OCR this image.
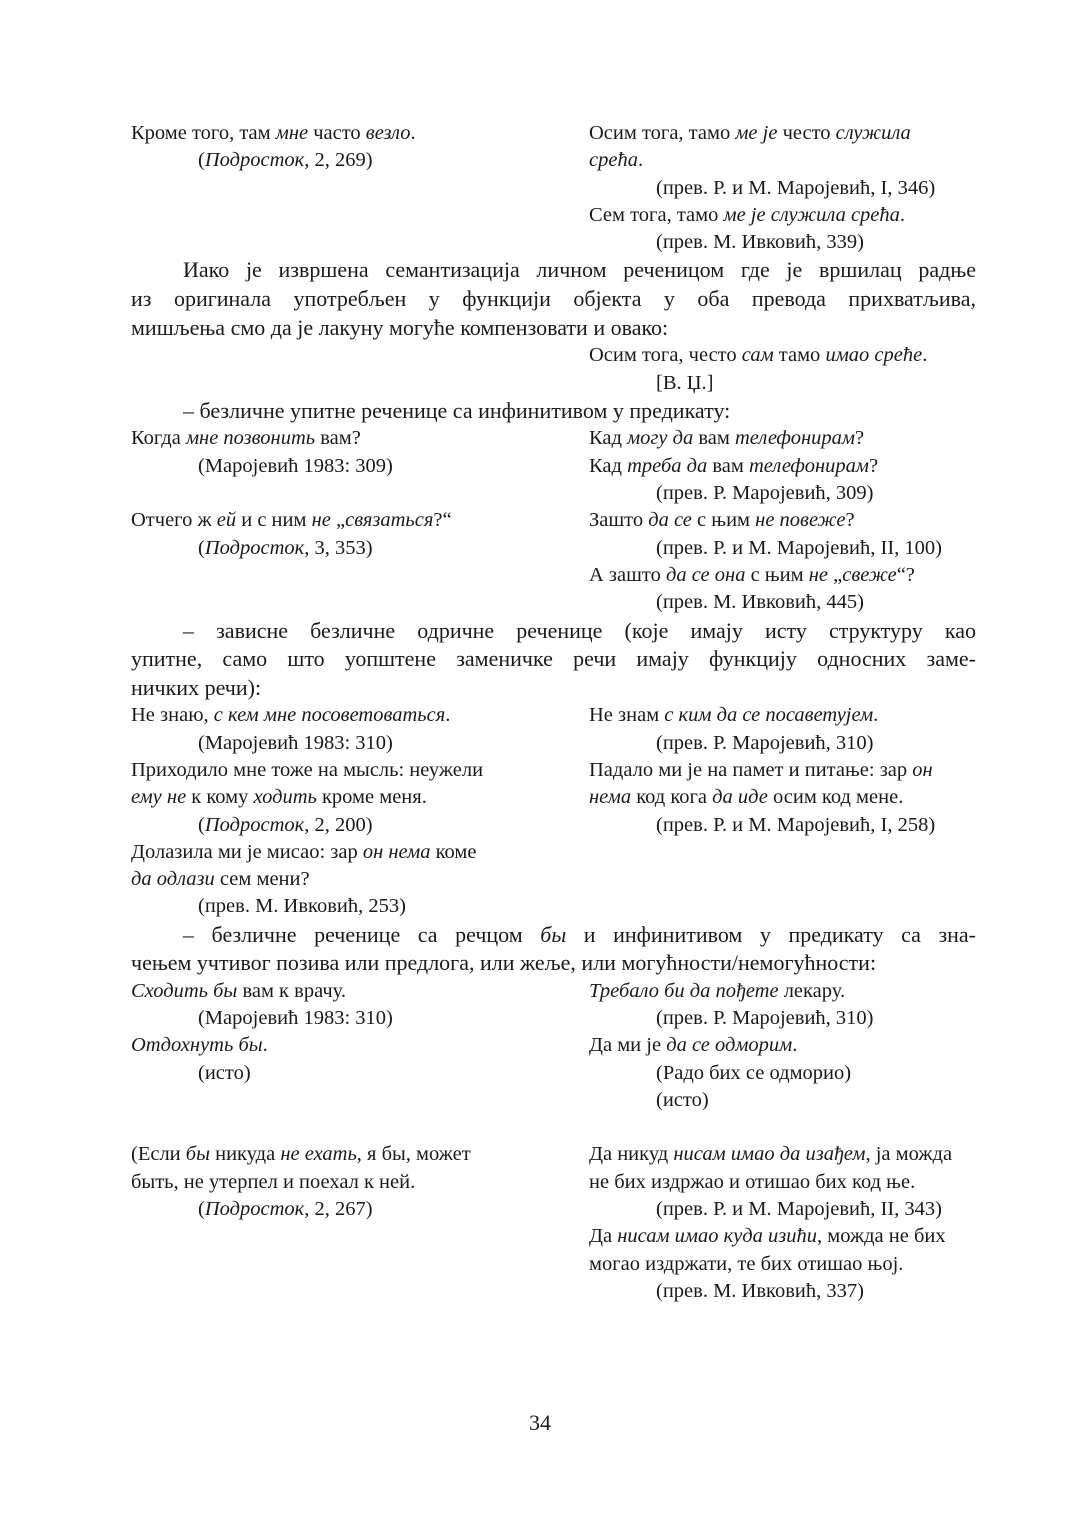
Кроме того, там мне часто везло.
(Подросток, 2, 269)
Осим тога, тамо ме је често служила
срећа.
(прев. Р. и М. Маројевић, I, 346)
Сем тога, тамо ме је служила срећа.
(прев. М. Ивковић, 339)
Иако је извршена семантизација личном реченицом где је вршилац радње
из оригинала употребљен у функцији објекта у оба превода прихватљива,
мишљења смо да је лакуну могуће компензовати и овако:
Осим тога, често сам тамо имао среће.
[В. Џ.]
– безличне упитне реченице са инфинитивом у предикату:
Когда мне позвонить вам?
(Маројевић 1983: 309)
Кад могу да вам телефонирам?
Кад треба да вам телефонирам?
(прев. Р. Маројевић, 309)
Отчего ж ей и с ним не „связаться?“
(Подросток, 3, 353)
Зашто да се с њим не повеже?
(прев. Р. и М. Маројевић, II, 100)
А зашто да се она с њим не „свеже“?
(прев. М. Ивковић, 445)
– зависне безличне одричне реченице (које имају исту структуру као
упитне, само што уопштене заменичке речи имају функцију односних заме-
ничких речи):
Не знаю, с кем мне посоветоваться.
(Маројевић 1983: 310)
Приходило мне тоже на мысль: неужели
ему не к кому ходить кроме меня.
(Подросток, 2, 200)
Долазила ми је мисао: зар он нема коме
да одлази сем мени?
(прев. М. Ивковић, 253)
Не знам с ким да се посаветујем.
(прев. Р. Маројевић, 310)
Падало ми је на памет и питање: зар он
нема код кога да иде осим код мене.
(прев. Р. и М. Маројевић, I, 258)
– безличне реченице са речцом бы и инфинитивом у предикату са зна-
чењем учтивог позива или предлога, или жеље, или могућности/немогућности:
Сходить бы вам к врачу.
(Маројевић 1983: 310)
Отдохнуть бы.
(исто)
Требало би да пођете лекару.
(прев. Р. Маројевић, 310)
Да ми је да се одморим.
(Радо бих се одморио)
(исто)
(Если бы никуда не ехать, я бы, может
быть, не утерпел и поехал к ней.
(Подросток, 2, 267)
Да никуд нисам имао да изађем, ја можда
не бих издржао и отишао бих код ње.
(прев. Р. и М. Маројевић, II, 343)
Да нисам имао куда изићи, можда не бих
могао издржати, те бих отишао њој.
(прев. М. Ивковић, 337)
34
